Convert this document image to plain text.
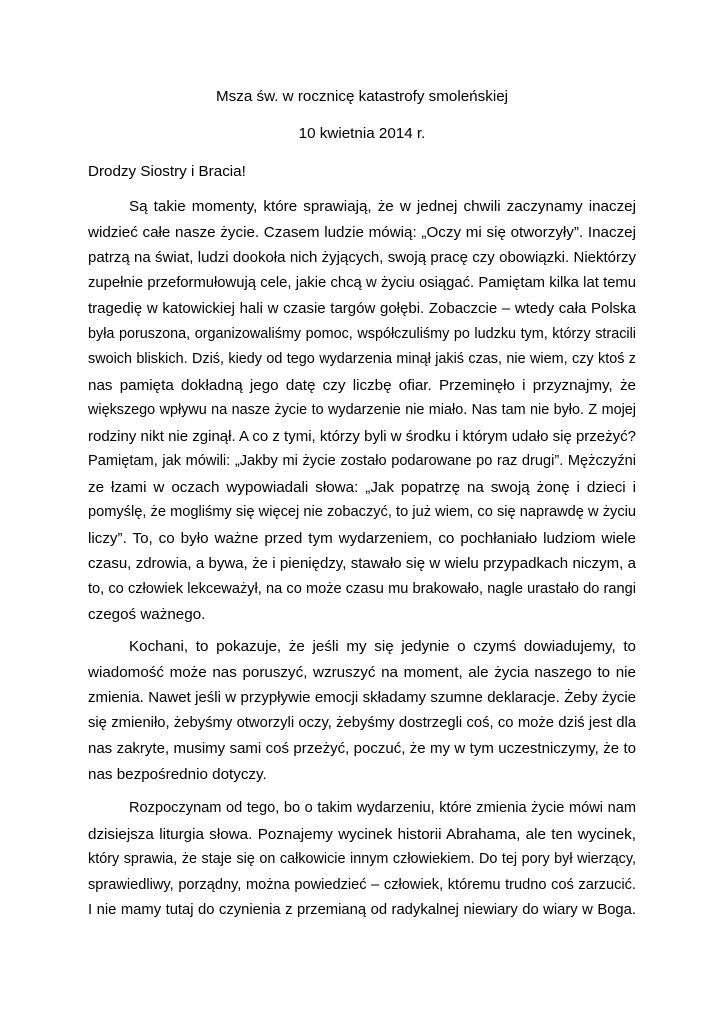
Msza św. w rocznicę katastrofy smoleńskiej
10 kwietnia 2014 r.
Drodzy Siostry i Bracia!
Są takie momenty, które sprawiają, że w jednej chwili zaczynamy inaczej
widzieć całe nasze życie. Czasem ludzie mówią: „Oczy mi się otworzyły”. Inaczej
patrzą na świat, ludzi dookoła nich żyjących, swoją pracę czy obowiązki. Niektórzy
zupełnie przeformułowują cele, jakie chcą w życiu osiągać. Pamiętam kilka lat temu
tragedię w katowickiej hali w czasie targów gołębi. Zobaczcie – wtedy cała Polska
była poruszona, organizowaliśmy pomoc, współczuliśmy po ludzku tym, którzy stracili
swoich bliskich. Dziś, kiedy od tego wydarzenia minął jakiś czas, nie wiem, czy ktoś z
nas pamięta dokładną jego datę czy liczbę ofiar. Przeminęło i przyznajmy, że
większego wpływu na nasze życie to wydarzenie nie miało. Nas tam nie było. Z mojej
rodziny nikt nie zginął. A co z tymi, którzy byli w środku i którym udało się przeżyć?
Pamiętam, jak mówili: „Jakby mi życie zostało podarowane po raz drugi”. Mężczyźni
ze łzami w oczach wypowiadali słowa: „Jak popatrzę na swoją żonę i dzieci i
pomyślę, że mogliśmy się więcej nie zobaczyć, to już wiem, co się naprawdę w życiu
liczy”. To, co było ważne przed tym wydarzeniem, co pochłaniało ludziom wiele
czasu, zdrowia, a bywa, że i pieniędzy, stawało się w wielu przypadkach niczym, a
to, co człowiek lekceważył, na co może czasu mu brakowało, nagle urastało do rangi
czegoś ważnego.
Kochani, to pokazuje, że jeśli my się jedynie o czymś dowiadujemy, to
wiadomość może nas poruszyć, wzruszyć na moment, ale życia naszego to nie
zmienia. Nawet jeśli w przypływie emocji składamy szumne deklaracje. Żeby życie
się zmieniło, żebyśmy otworzyli oczy, żebyśmy dostrzegli coś, co może dziś jest dla
nas zakryte, musimy sami coś przeżyć, poczuć, że my w tym uczestniczymy, że to
nas bezpośrednio dotyczy.
Rozpoczynam od tego, bo o takim wydarzeniu, które zmienia życie mówi nam
dzisiejsza liturgia słowa. Poznajemy wycinek historii Abrahama, ale ten wycinek,
który sprawia, że staje się on całkowicie innym człowiekiem. Do tej pory był wierzący,
sprawiedliwy, porządny, można powiedzieć – człowiek, któremu trudno coś zarzucić.
I nie mamy tutaj do czynienia z przemianą od radykalnej niewiary do wiary w Boga.
